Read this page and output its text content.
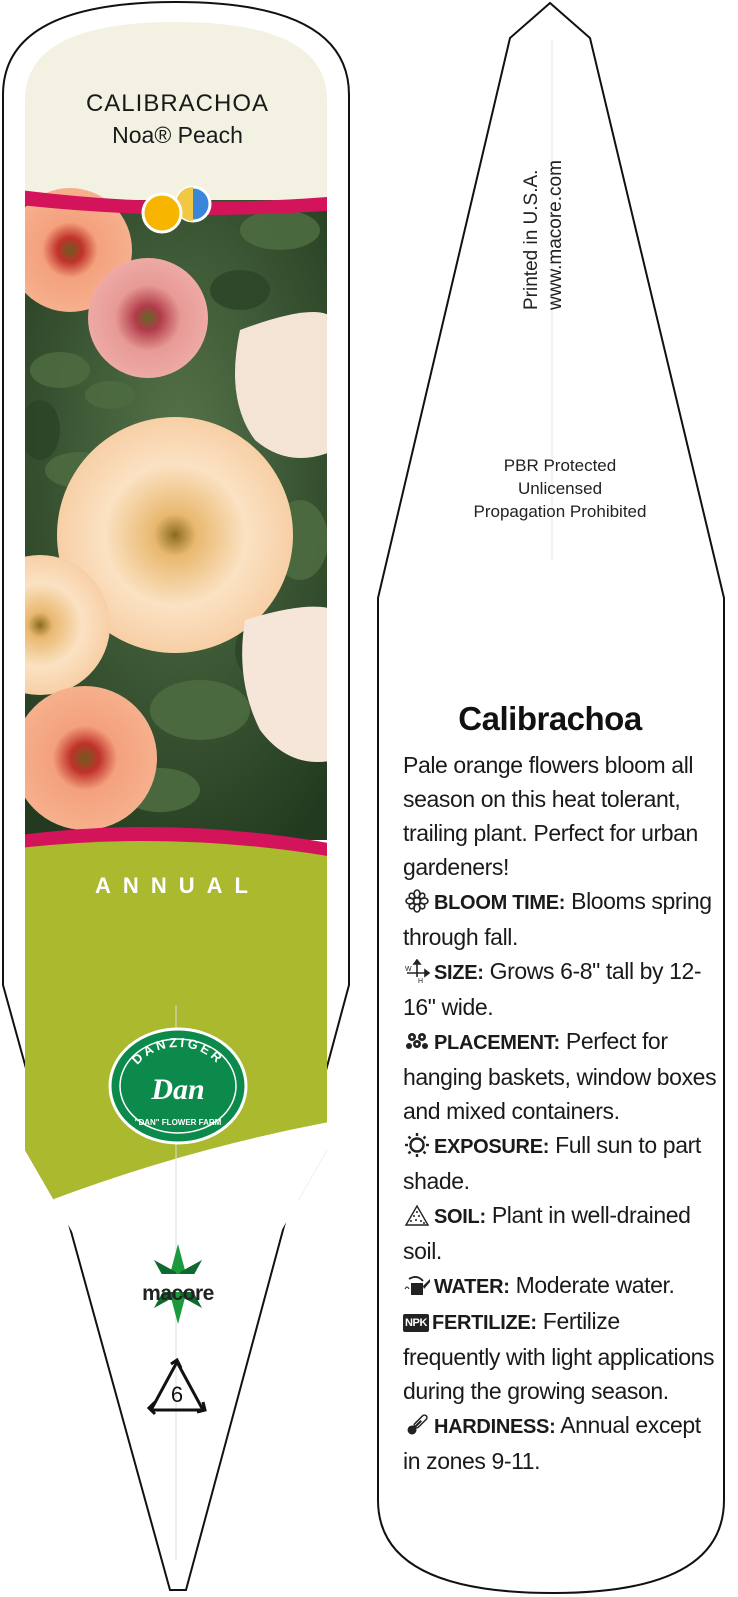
CALIBRACHOA
Noa® Peach
ANNUAL
DANZIGER
Dan
"DAN" FLOWER FARM
macore
6
Printed in U.S.A. www.macore.com
PBR Protected
Unlicensed
Propagation Prohibited
Calibrachoa

Pale orange flowers bloom all season on this heat tolerant, trailing plant. Perfect for urban gardeners!

BLOOM TIME: Blooms spring through fall.

W
H SIZE: Grows 6-8" tall by 12-16" wide.

PLACEMENT: Perfect for hanging baskets, window boxes and mixed containers.

EXPOSURE: Full sun to part shade.

SOIL: Plant in well-drained soil.

WATER: Moderate water.

NPK FERTILIZE: Fertilize frequently with light applications during the growing season.

HARDINESS: Annual except in zones 9-11.
